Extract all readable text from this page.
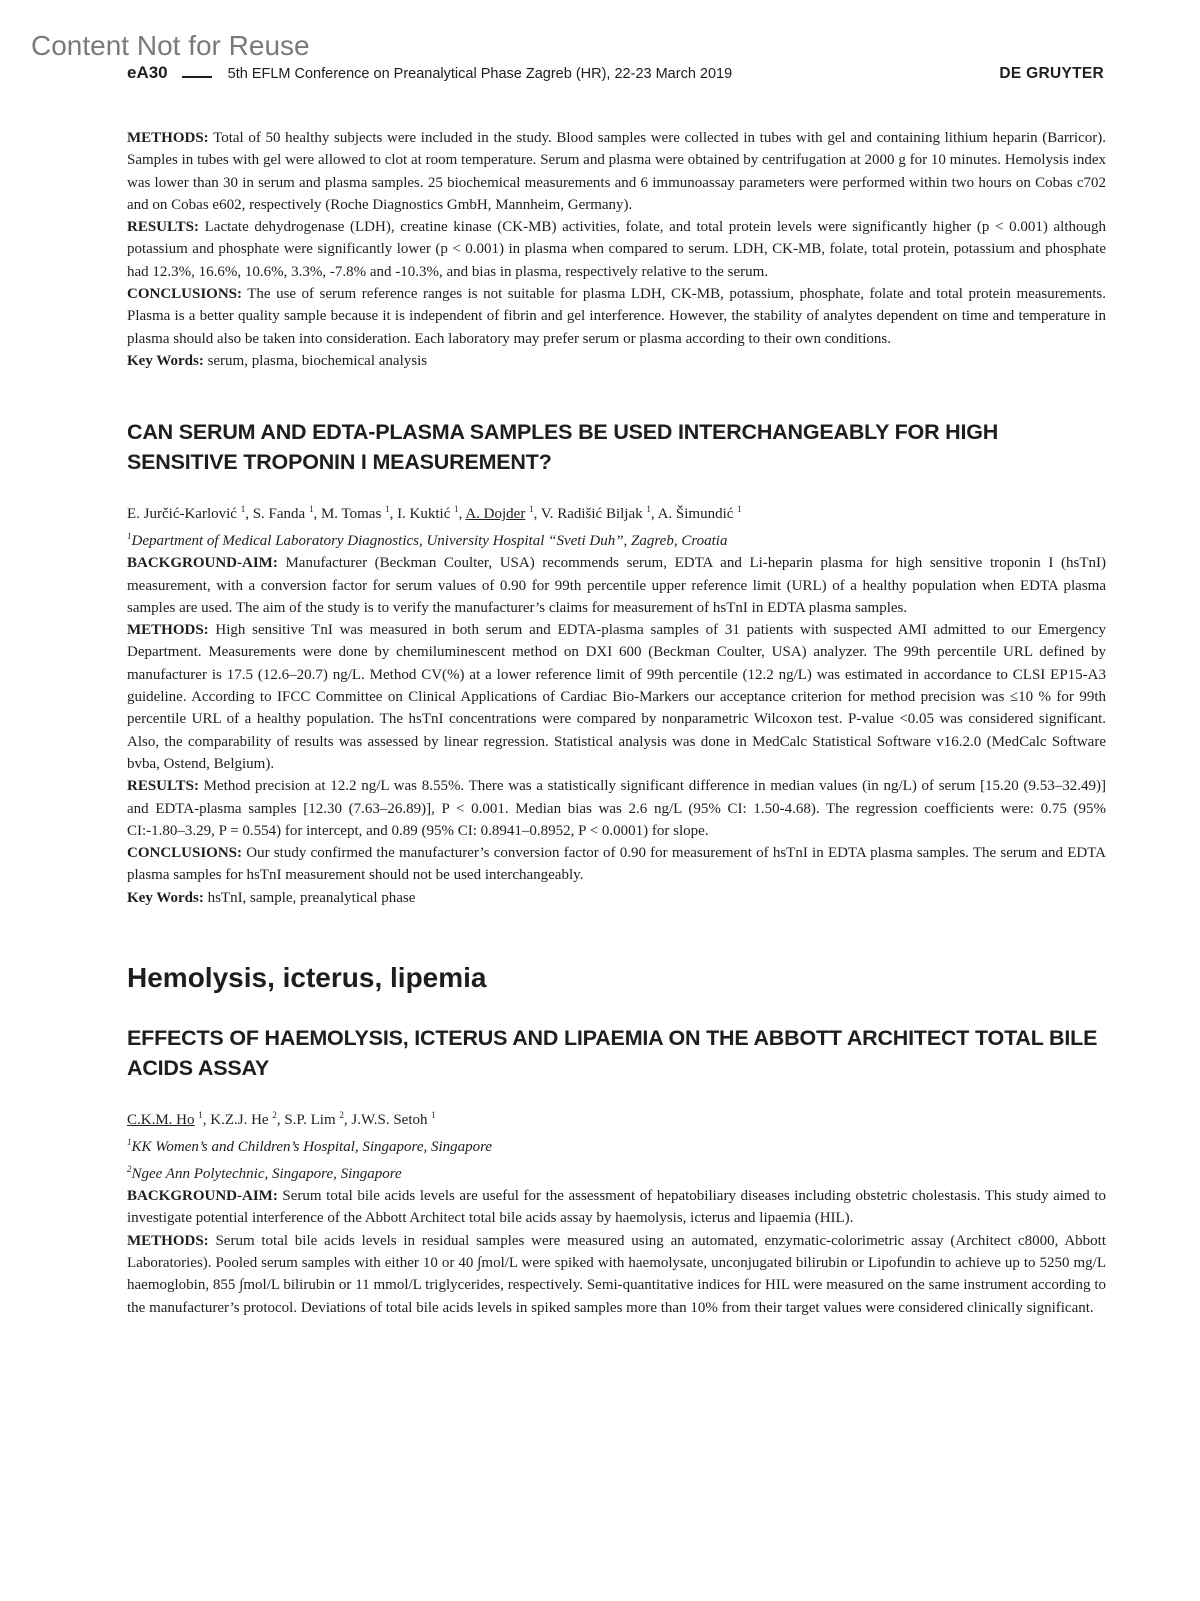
Content Not for Reuse
eA30	5th EFLM Conference on Preanalytical Phase Zagreb (HR), 22-23 March 2019	DE GRUYTER

METHODS: Total of 50 healthy subjects were included in the study. Blood samples were collected in tubes with gel and containing lithium heparin (Barricor). Samples in tubes with gel were allowed to clot at room temperature. Serum and plasma were obtained by centrifugation at 2000 g for 10 minutes. Hemolysis index was lower than 30 in serum and plasma samples. 25 biochemical measurements and 6 immunoassay parameters were performed within two hours on Cobas c702 and on Cobas e602, respectively (Roche Diagnostics GmbH, Mannheim, Germany).

RESULTS: Lactate dehydrogenase (LDH), creatine kinase (CK-MB) activities, folate, and total protein levels were significantly higher (p < 0.001) although potassium and phosphate were significantly lower (p < 0.001) in plasma when compared to serum. LDH, CK-MB, folate, total protein, potassium and phosphate had 12.3%, 16.6%, 10.6%, 3.3%, -7.8% and -10.3%, and bias in plasma, respectively relative to the serum.

CONCLUSIONS: The use of serum reference ranges is not suitable for plasma LDH, CK-MB, potassium, phosphate, folate and total protein measurements. Plasma is a better quality sample because it is independent of fibrin and gel interference. However, the stability of analytes dependent on time and temperature in plasma should also be taken into consideration. Each laboratory may prefer serum or plasma according to their own conditions.

Key Words: serum, plasma, biochemical analysis

CAN SERUM AND EDTA-PLASMA SAMPLES BE USED INTERCHANGEABLY FOR HIGH SENSITIVE TROPONIN I MEASUREMENT?
E. Jurčić-Karlović $^1$, S. Fanda $^1$, M. Tomas $^1$, I. Kuktić $^1$, A. Dojder $^1$, V. Radišić Biljak $^1$, A. Šimundić $^1$
$^1$Department of Medical Laboratory Diagnostics, University Hospital “Sveti Duh”, Zagreb, Croatia

BACKGROUND-AIM: Manufacturer (Beckman Coulter, USA) recommends serum, EDTA and Li-heparin plasma for high sensitive troponin I (hsTnI) measurement, with a conversion factor for serum values of 0.90 for 99th percentile upper reference limit (URL) of a healthy population when EDTA plasma samples are used. The aim of the study is to verify the manufacturer’s claims for measurement of hsTnI in EDTA plasma samples.

METHODS: High sensitive TnI was measured in both serum and EDTA-plasma samples of 31 patients with suspected AMI admitted to our Emergency Department. Measurements were done by chemiluminescent method on DXI 600 (Beckman Coulter, USA) analyzer. The 99th percentile URL defined by manufacturer is 17.5 (12.6–20.7) ng/L. Method CV(%) at a lower reference limit of 99th percentile (12.2 ng/L) was estimated in accordance to CLSI EP15-A3 guideline. According to IFCC Committee on Clinical Applications of Cardiac Bio-Markers our acceptance criterion for method precision was ≤10 % for 99th percentile URL of a healthy population. The hsTnI concentrations were compared by nonparametric Wilcoxon test. P-value <0.05 was considered significant. Also, the comparability of results was assessed by linear regression. Statistical analysis was done in MedCalc Statistical Software v16.2.0 (MedCalc Software bvba, Ostend, Belgium).

RESULTS: Method precision at 12.2 ng/L was 8.55%. There was a statistically significant difference in median values (in ng/L) of serum [15.20 (9.53–32.49)] and EDTA-plasma samples [12.30 (7.63–26.89)], P < 0.001. Median bias was 2.6 ng/L (95% CI: 1.50-4.68). The regression coefficients were: 0.75 (95% CI:-1.80–3.29, P = 0.554) for intercept, and 0.89 (95% CI: 0.8941–0.8952, P < 0.0001) for slope.

CONCLUSIONS: Our study confirmed the manufacturer’s conversion factor of 0.90 for measurement of hsTnI in EDTA plasma samples. The serum and EDTA plasma samples for hsTnI measurement should not be used interchangeably.

Key Words: hsTnI, sample, preanalytical phase

Hemolysis, icterus, lipemia
EFFECTS OF HAEMOLYSIS, ICTERUS AND LIPAEMIA ON THE ABBOTT ARCHITECT TOTAL BILE ACIDS ASSAY
C.K.M. Ho $^1$, K.Z.J. He $^2$, S.P. Lim $^2$, J.W.S. Setoh $^1$
$^1$KK Women’s and Children’s Hospital, Singapore, Singapore
$^2$Ngee Ann Polytechnic, Singapore, Singapore

BACKGROUND-AIM: Serum total bile acids levels are useful for the assessment of hepatobiliary diseases including obstetric cholestasis. This study aimed to investigate potential interference of the Abbott Architect total bile acids assay by haemolysis, icterus and lipaemia (HIL).

METHODS: Serum total bile acids levels in residual samples were measured using an automated, enzymatic-colorimetric assay (Architect c8000, Abbott Laboratories). Pooled serum samples with either 10 or 40 ∫mol/L were spiked with haemolysate, unconjugated bilirubin or Lipofundin to achieve up to 5250 mg/L haemoglobin, 855 ∫mol/L bilirubin or 11 mmol/L triglycerides, respectively. Semi-quantitative indices for HIL were measured on the same instrument according to the manufacturer’s protocol. Deviations of total bile acids levels in spiked samples more than 10% from their target values were considered clinically significant.
